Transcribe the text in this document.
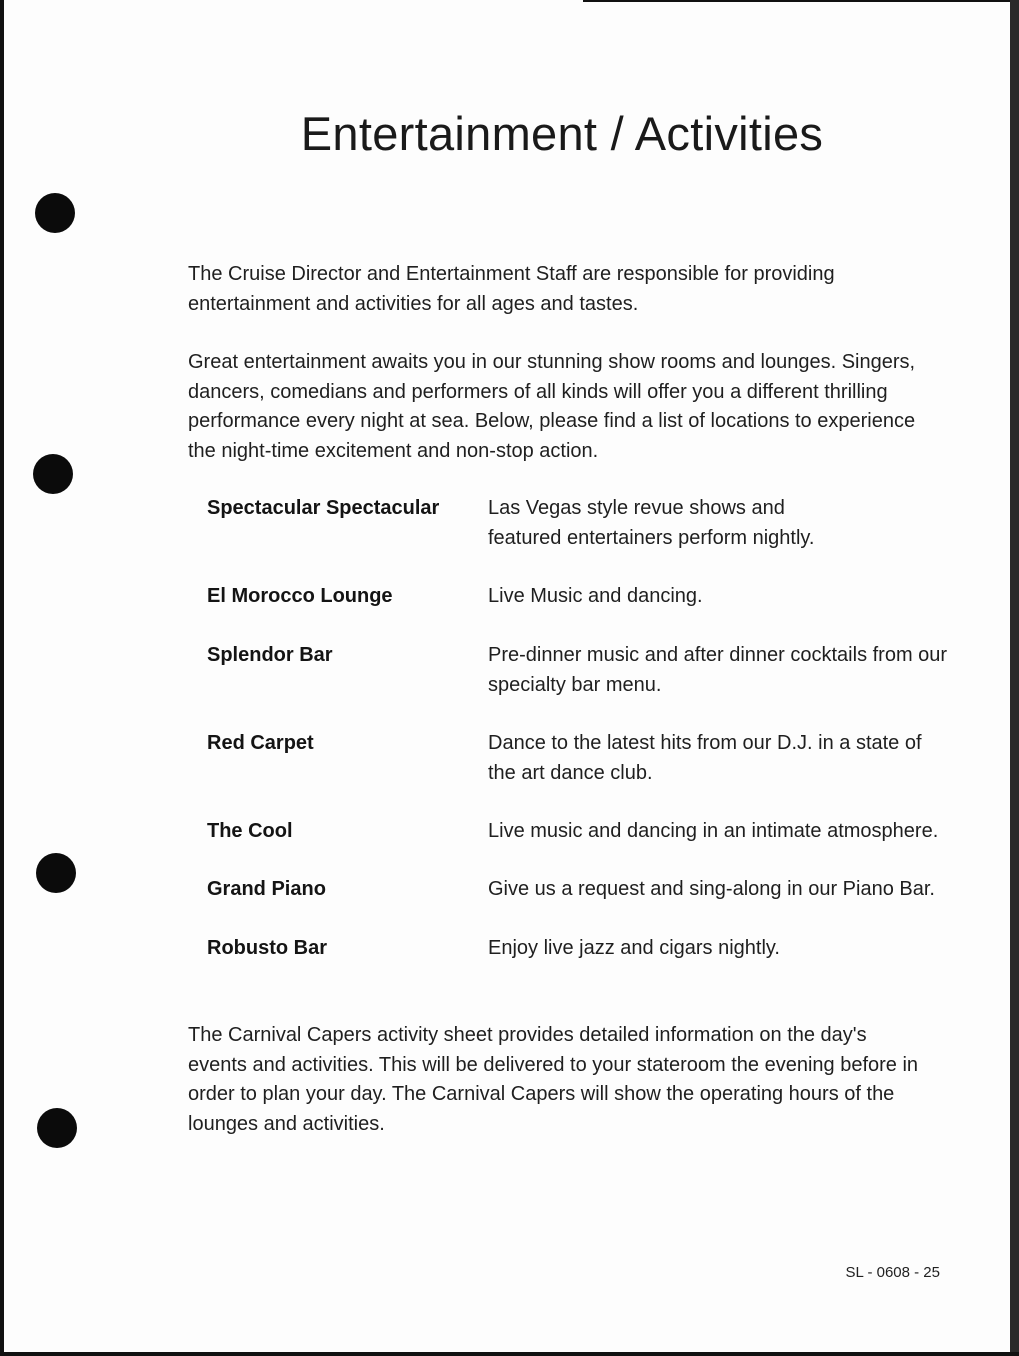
Entertainment / Activities

The Cruise Director and Entertainment Staff are responsible for providing entertainment and activities for all ages and tastes.

Great entertainment awaits you in our stunning show rooms and lounges. Singers, dancers, comedians and performers of all kinds will offer you a different thrilling performance every night at sea. Below, please find a list of locations to experience the night-time excitement and non-stop action.

Spectacular Spectacular	Las Vegas style revue shows and featured entertainers perform nightly.
El Morocco Lounge	Live Music and dancing.
Splendor Bar	Pre-dinner music and after dinner cocktails from our specialty bar menu.
Red Carpet	Dance to the latest hits from our D.J. in a state of the art dance club.
The Cool	Live music and dancing in an intimate atmosphere.
Grand Piano	Give us a request and sing-along in our Piano Bar.
Robusto Bar	Enjoy live jazz and cigars nightly.

The Carnival Capers activity sheet provides detailed information on the day's events and activities. This will be delivered to your stateroom the evening before in order to plan your day. The Carnival Capers will show the operating hours of the lounges and activities.

SL - 0608 - 25
